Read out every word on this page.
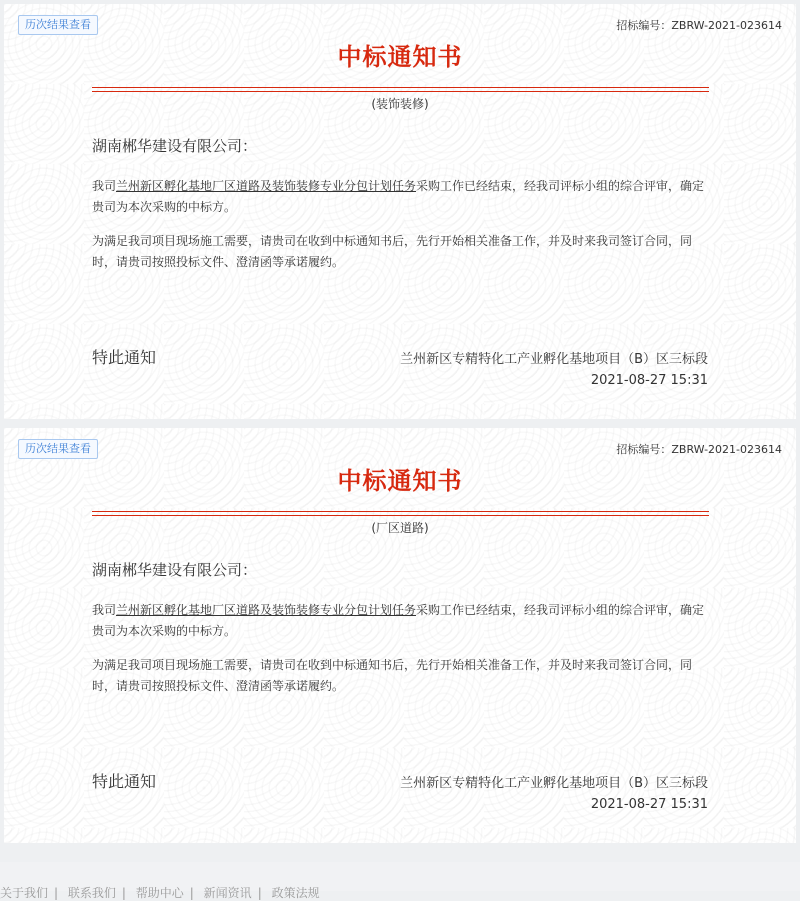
历次结果查看	招标编号：ZBRW-2021-023614
中标通知书
(装饰装修)
湖南郴华建设有限公司：

我司兰州新区孵化基地厂区道路及装饰装修专业分包计划任务采购工作已经结束，经我司评标小组的综合评审，确定贵司为本次采购的中标方。

为满足我司项目现场施工需要，请贵司在收到中标通知书后，先行开始相关准备工作，并及时来我司签订合同，同时，请贵司按照投标文件、澄清函等承诺履约。

特此通知	兰州新区专精特化工产业孵化基地项目（B）区三标段
2021-08-27 15:31
历次结果查看	招标编号：ZBRW-2021-023614
中标通知书
(厂区道路)
湖南郴华建设有限公司：

我司兰州新区孵化基地厂区道路及装饰装修专业分包计划任务采购工作已经结束，经我司评标小组的综合评审，确定贵司为本次采购的中标方。

为满足我司项目现场施工需要，请贵司在收到中标通知书后，先行开始相关准备工作，并及时来我司签订合同，同时，请贵司按照投标文件、澄清函等承诺履约。

特此通知	兰州新区专精特化工产业孵化基地项目（B）区三标段
2021-08-27 15:31
关于我们 | 联系我们 | 帮助中心 | 新闻资讯 | 政策法规
